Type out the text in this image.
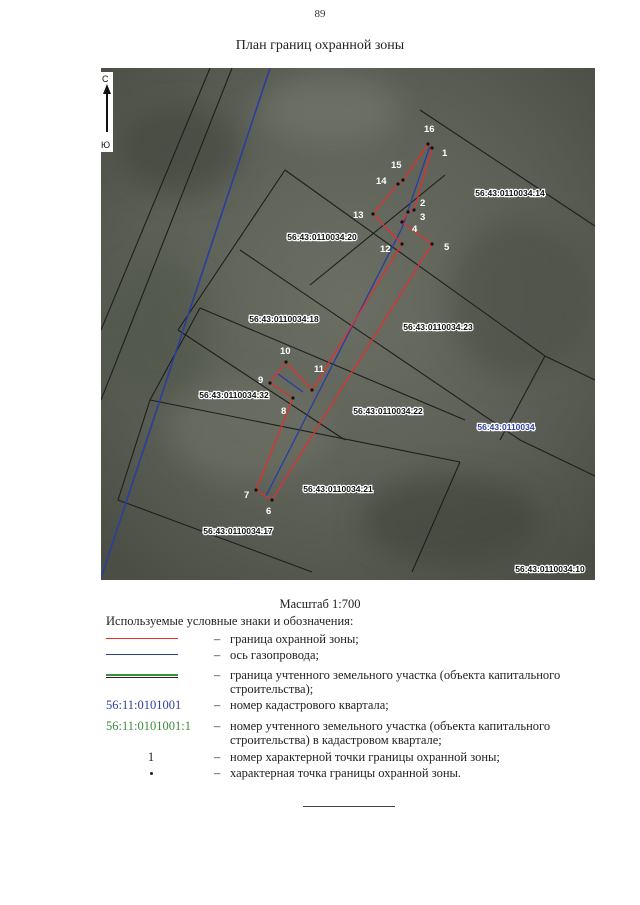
89
План границ охранной зоны
1
2
3
4
5
6
7
8
9
10
11
12
13
14
15
16
56:43:0110034:14
56:43:0110034:20
56:43:0110034:18
56:43:0110034:23
56:43:0110034:32
56:43:0110034:22
56:43:0110034
56:43:0110034:21
56:43:0110034:17
56:43:0110034:10
С
Ю
Масштаб 1:700
Используемые условные знаки и обозначения:
– граница охранной зоны;
– ось газопровода;
– граница учтенного земельного участка (объекта капитального строительства);
56:11:0101001	– номер кадастрового квартала;
56:11:0101001:1	– номер учтенного земельного участка (объекта капитального строительства) в кадастровом квартале;
1	– номер характерной точки границы охранной зоны;
– характерная точка границы охранной зоны.
